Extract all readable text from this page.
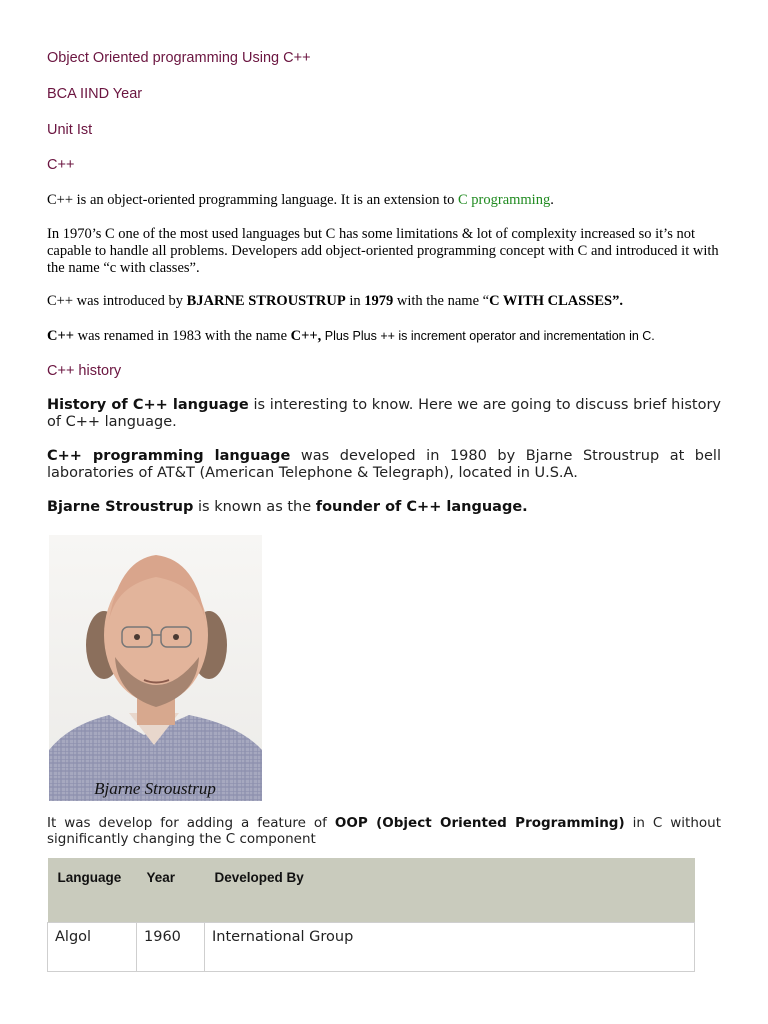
Object Oriented programming Using C++
BCA IIND Year
Unit Ist
C++
C++ is an object-oriented programming language. It is an extension to C programming.
In 1970’s C one of the most used languages but C has some limitations & lot of complexity increased so it’s not capable to handle all problems. Developers add object-oriented programming concept with C and introduced it with the name “c with classes”.
C++ was introduced by BJARNE STROUSTRUP in 1979 with the name “C WITH CLASSES”.
C++ was renamed in 1983 with the name C++, Plus Plus ++ is increment operator and incrementation in C.
C++ history
History of C++ language is interesting to know. Here we are going to discuss brief history of C++ language.
C++ programming language was developed in 1980 by Bjarne Stroustrup at bell laboratories of AT&T (American Telephone & Telegraph), located in U.S.A.
Bjarne Stroustrup is known as the founder of C++ language.
Bjarne Stroustrup
It was develop for adding a feature of OOP (Object Oriented Programming) in C without significantly changing the C component
Language	Year	Developed By
Algol	1960	International Group
